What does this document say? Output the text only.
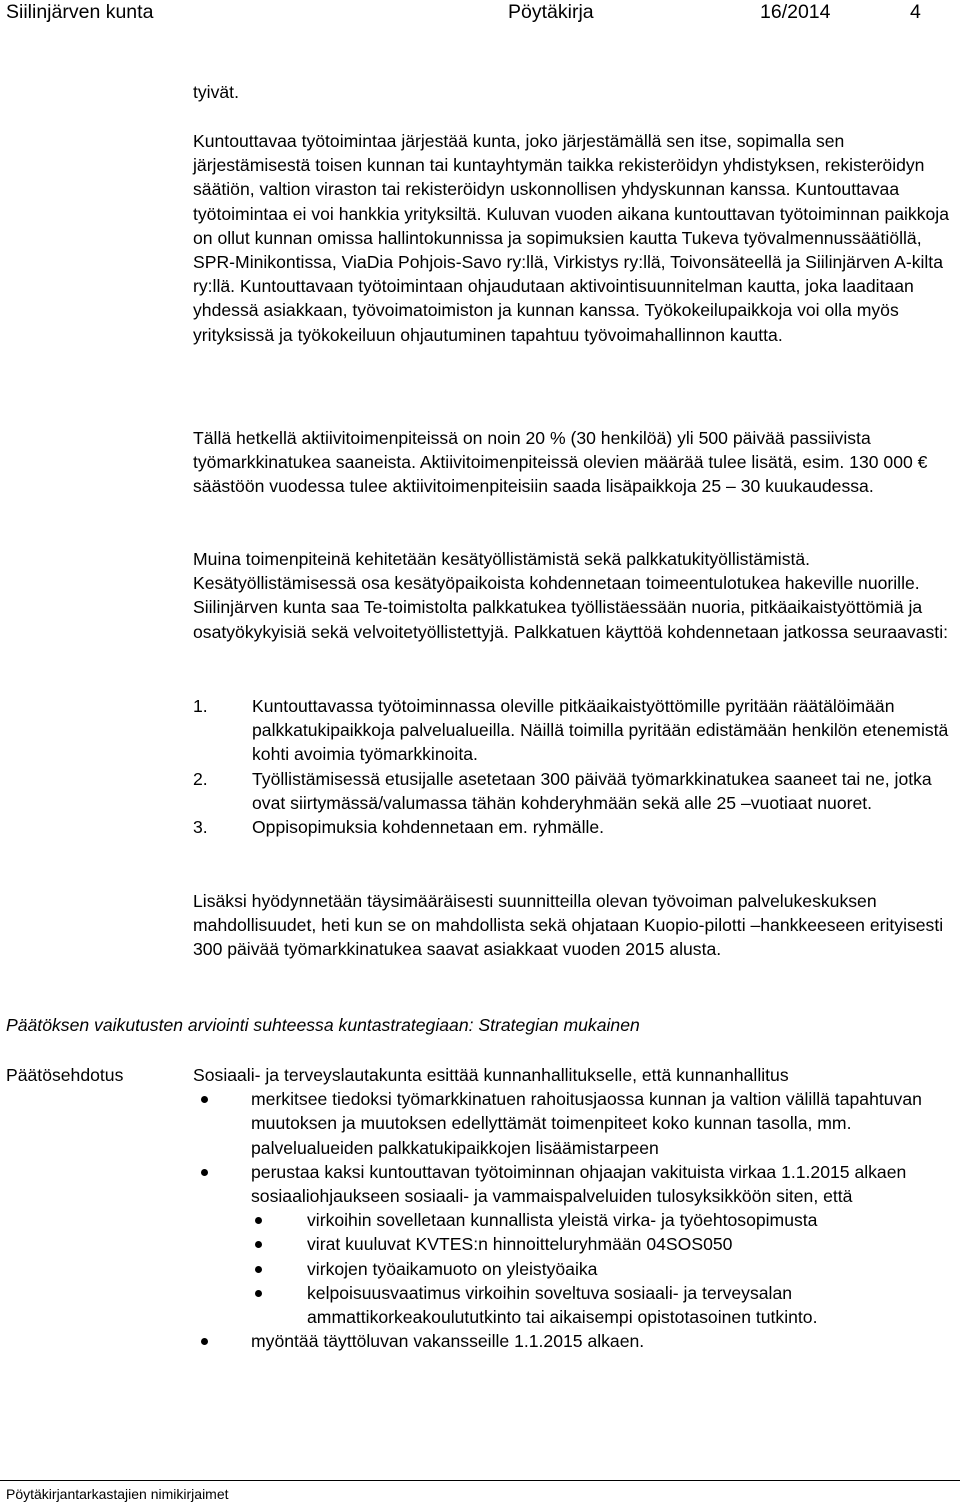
Siilinjärven kunta	Pöytäkirja	16/2014	4

tyivät.

Kuntouttavaa työtoimintaa järjestää kunta, joko järjestämällä sen itse, sopimalla sen järjestämisestä toisen kunnan tai kuntayhtymän taikka rekisteröidyn yhdistyksen, rekisteröidyn säätiön, valtion viraston tai rekisteröidyn uskonnollisen yhdyskunnan kanssa. Kuntouttavaa työtoimintaa ei voi hankkia yrityksiltä. Kuluvan vuoden aikana kuntouttavan työtoiminnan paikkoja on ollut kunnan omissa hallintokunnissa ja sopimuksien kautta Tukeva työvalmennussäätiöllä, SPR-Minikontissa, ViaDia Pohjois-Savo ry:llä, Virkistys ry:llä, Toivonsäteellä ja Siilinjärven A-kilta ry:llä. Kuntouttavaan työtoimintaan ohjaudutaan aktivointisuunnitelman kautta, joka laaditaan yhdessä asiakkaan, työvoimatoimiston ja kunnan kanssa. Työkokeilupaikkoja voi olla myös yrityksissä ja työkokeiluun ohjautuminen tapahtuu työvoimahallinnon kautta.

Tällä hetkellä aktiivitoimenpiteissä on noin 20 % (30 henkilöä) yli 500 päivää passiivista työmarkkinatukea saaneista. Aktiivitoimenpiteissä olevien määrää tulee lisätä, esim. 130 000 € säästöön vuodessa tulee aktiivitoimenpiteisiin saada lisäpaikkoja 25 – 30 kuukaudessa.

Muina toimenpiteinä kehitetään kesätyöllistämistä sekä palkkatukityöllistämistä. Kesätyöllistämisessä osa kesätyöpaikoista kohdennetaan toimeentulotukea hakeville nuorille. Siilinjärven kunta saa Te-toimistolta palkkatukea työllistäessään nuoria, pitkäaikaistyöttömiä ja osatyökykyisiä sekä velvoitetyöllistettyjä. Palkkatuen käyttöä kohdennetaan jatkossa seuraavasti:

1.	Kuntouttavassa työtoiminnassa oleville pitkäaikaistyöttömille pyritään räätälöimään palkkatukipaikkoja palvelualueilla. Näillä toimilla pyritään edistämään henkilön etenemistä kohti avoimia työmarkkinoita.
2.	Työllistämisessä etusijalle asetetaan 300 päivää työmarkkinatukea saaneet tai ne, jotka ovat siirtymässä/valumassa tähän kohderyhmään sekä alle 25 –vuotiaat nuoret.
3.	Oppisopimuksia kohdennetaan em. ryhmälle.

Lisäksi hyödynnetään täysimääräisesti suunnitteilla olevan työvoiman palvelukeskuksen mahdollisuudet, heti kun se on mahdollista sekä ohjataan Kuopio-pilotti –hankkeeseen erityisesti 300 päivää työmarkkinatukea saavat asiakkaat vuoden 2015 alusta.

Päätöksen vaikutusten arviointi suhteessa kuntastrategiaan: Strategian mukainen
Päätösehdotus	Sosiaali- ja terveyslautakunta esittää kunnanhallitukselle, että kunnanhallitus

merkitsee tiedoksi työmarkkinatuen rahoitusjaossa kunnan ja valtion välillä tapahtuvan muutoksen ja muutoksen edellyttämät toimenpiteet koko kunnan tasolla, mm. palvelualueiden palkkatukipaikkojen lisäämistarpeen
perustaa kaksi kuntouttavan työtoiminnan ohjaajan vakituista virkaa 1.1.2015 alkaen sosiaaliohjaukseen sosiaali- ja vammaispalveluiden tulosyksikköön siten, että
virkoihin sovelletaan kunnallista yleistä virka- ja työehtosopimusta
virat kuuluvat KVTES:n hinnoitteluryhmään 04SOS050
virkojen työaikamuoto on yleistyöaika
kelpoisuusvaatimus virkoihin soveltuva sosiaali- ja terveysalan ammattikorkeakoulututkinto tai aikaisempi opistotasoinen tutkinto.
myöntää täyttöluvan vakansseille 1.1.2015 alkaen.
Pöytäkirjantarkastajien nimikirjaimet
